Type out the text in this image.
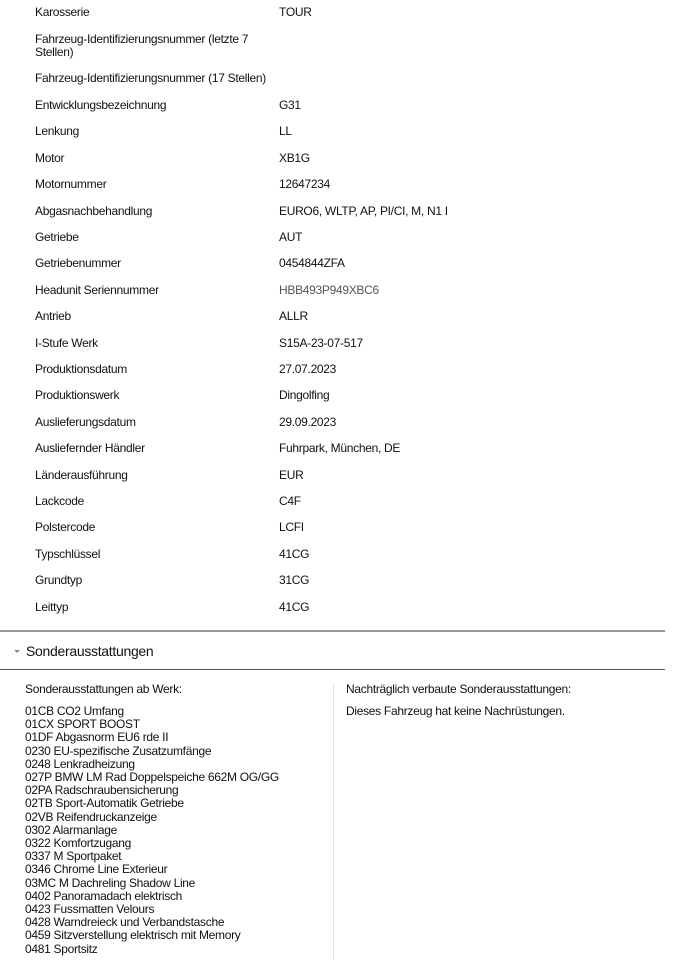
Karosserie	TOUR
Fahrzeug-Identifizierungsnummer (letzte 7 Stellen)
Fahrzeug-Identifizierungsnummer (17 Stellen)
Entwicklungsbezeichnung	G31
Lenkung	LL
Motor	XB1G
Motornummer	12647234
Abgasnachbehandlung	EURO6, WLTP, AP, PI/CI, M, N1 I
Getriebe	AUT
Getriebenummer	0454844ZFA
Headunit Seriennummer	HBB493P949XBC6
Antrieb	ALLR
I-Stufe Werk	S15A-23-07-517
Produktionsdatum	27.07.2023
Produktionswerk	Dingolfing
Auslieferungsdatum	29.09.2023
Ausliefernder Händler	Fuhrpark, München, DE
Länderausführung	EUR
Lackcode	C4F
Polstercode	LCFI
Typschlüssel	41CG
Grundtyp	31CG
Leittyp	41CG
Sonderausstattungen
Sonderausstattungen ab Werk:
01CB CO2 Umfang
01CX SPORT BOOST
01DF Abgasnorm EU6 rde II
0230 EU-spezifische Zusatzumfänge
0248 Lenkradheizung
027P BMW LM Rad Doppelspeiche 662M OG/GG
02PA Radschraubensicherung
02TB Sport-Automatik Getriebe
02VB Reifendruckanzeige
0302 Alarmanlage
0322 Komfortzugang
0337 M Sportpaket
0346 Chrome Line Exterieur
03MC M Dachreling Shadow Line
0402 Panoramadach elektrisch
0423 Fussmatten Velours
0428 Warndreieck und Verbandstasche
0459 Sitzverstellung elektrisch mit Memory
0481 Sportsitz
Nachträglich verbaute Sonderausstattungen:
Dieses Fahrzeug hat keine Nachrüstungen.
